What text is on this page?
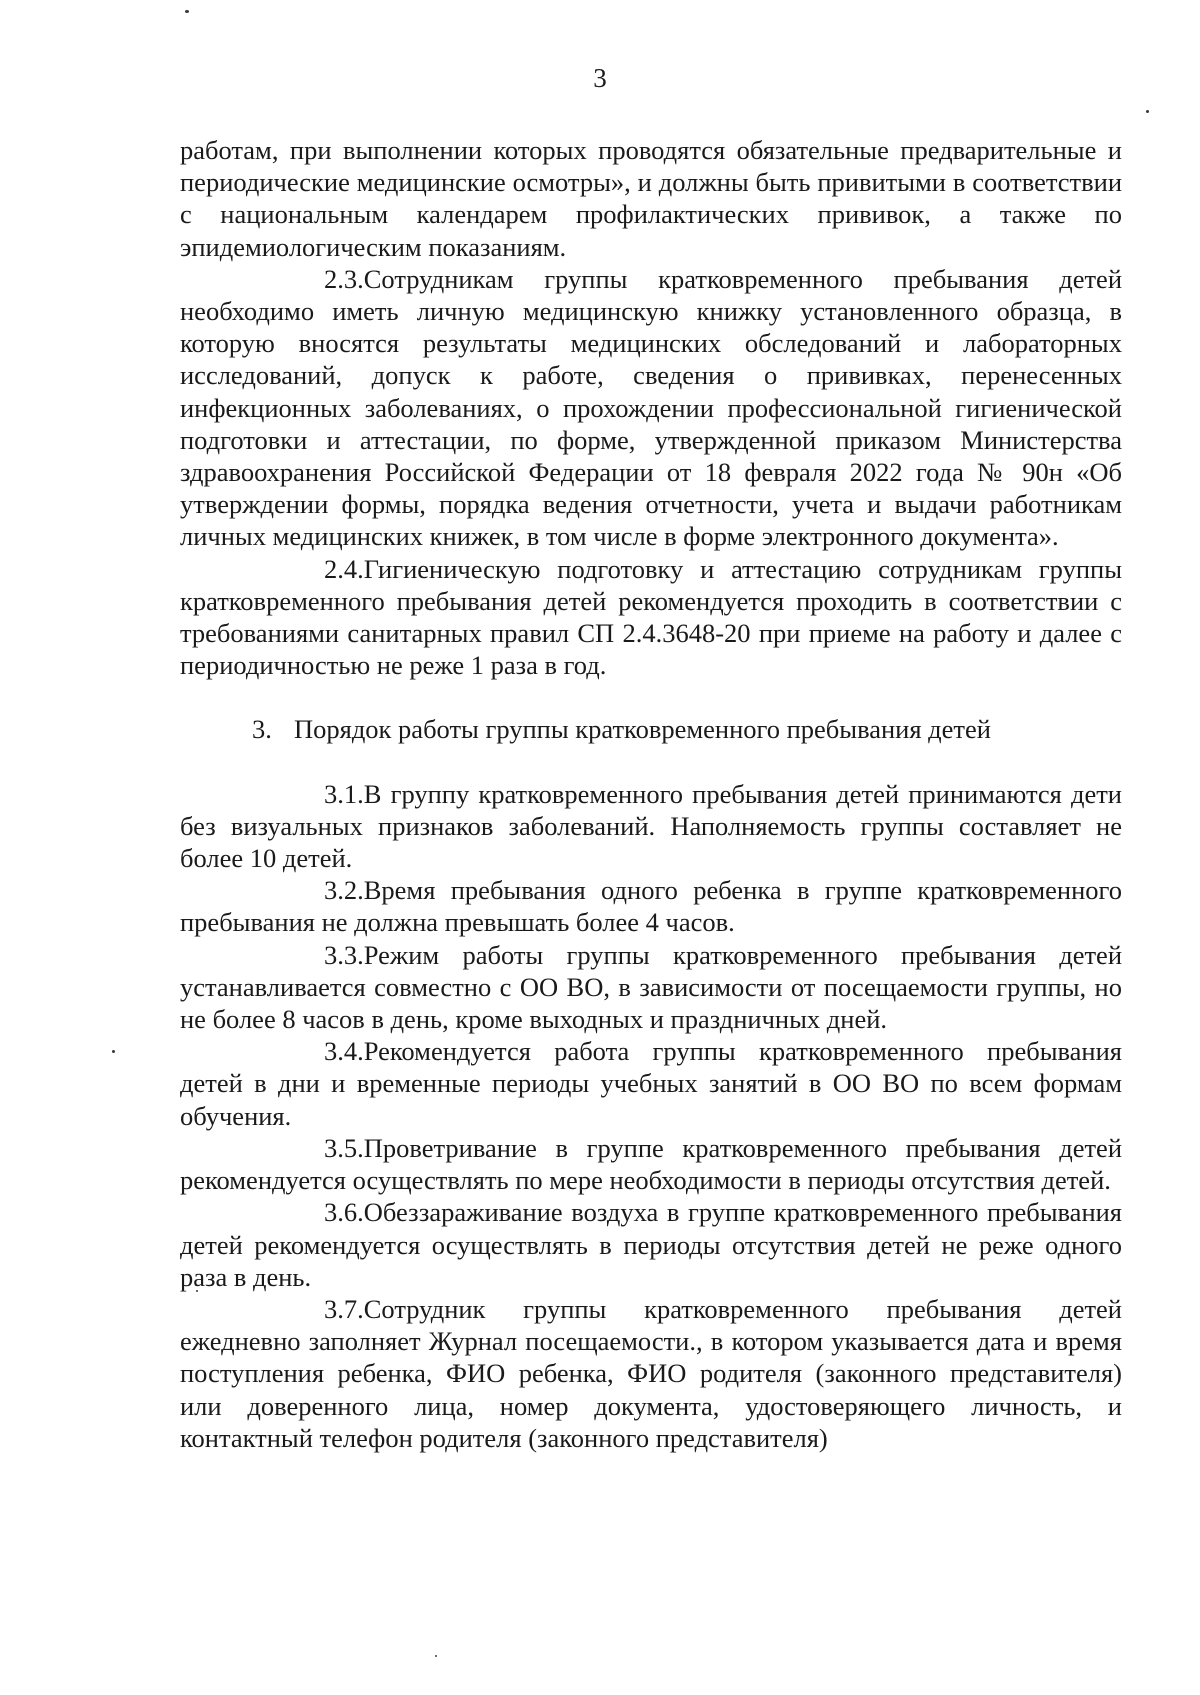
3

работам, при выполнении которых проводятся обязательные предварительные и периодические медицинские осмотры», и должны быть привитыми в соответствии с национальным календарем профилактических прививок, а также по эпидемиологическим показаниям.

2.3.Сотрудникам группы кратковременного пребывания детей необходимо иметь личную медицинскую книжку установленного образца, в которую вносятся результаты медицинских обследований и лабораторных исследований, допуск к работе, сведения о прививках, перенесенных инфекционных заболеваниях, о прохождении профессиональной гигиенической подготовки и аттестации, по форме, утвержденной приказом Министерства здравоохранения Российской Федерации от 18 февраля 2022 года № 90н «Об утверждении формы, порядка ведения отчетности, учета и выдачи работникам личных медицинских книжек, в том числе в форме электронного документа».

2.4.Гигиеническую подготовку и аттестацию сотрудникам группы кратковременного пребывания детей рекомендуется проходить в соответствии с требованиями санитарных правил СП 2.4.3648-20 при приеме на работу и далее с периодичностью не реже 1 раза в год.

3. Порядок работы группы кратковременного пребывания детей

3.1.В группу кратковременного пребывания детей принимаются дети без визуальных признаков заболеваний. Наполняемость группы составляет не более 10 детей.

3.2.Время пребывания одного ребенка в группе кратковременного пребывания не должна превышать более 4 часов.

3.3.Режим работы группы кратковременного пребывания детей устанавливается совместно с ОО ВО, в зависимости от посещаемости группы, но не более 8 часов в день, кроме выходных и праздничных дней.

3.4.Рекомендуется работа группы кратковременного пребывания детей в дни и временные периоды учебных занятий в ОО ВО по всем формам обучения.

3.5.Проветривание в группе кратковременного пребывания детей рекомендуется осуществлять по мере необходимости в периоды отсутствия детей.

3.6.Обеззараживание воздуха в группе кратковременного пребывания детей рекомендуется осуществлять в периоды отсутствия детей не реже одного раза в день.

3.7.Сотрудник группы кратковременного пребывания детей ежедневно заполняет Журнал посещаемости., в котором указывается дата и время поступления ребенка, ФИО ребенка, ФИО родителя (законного представителя) или доверенного лица, номер документа, удостоверяющего личность, и контактный телефон родителя (законного представителя)
